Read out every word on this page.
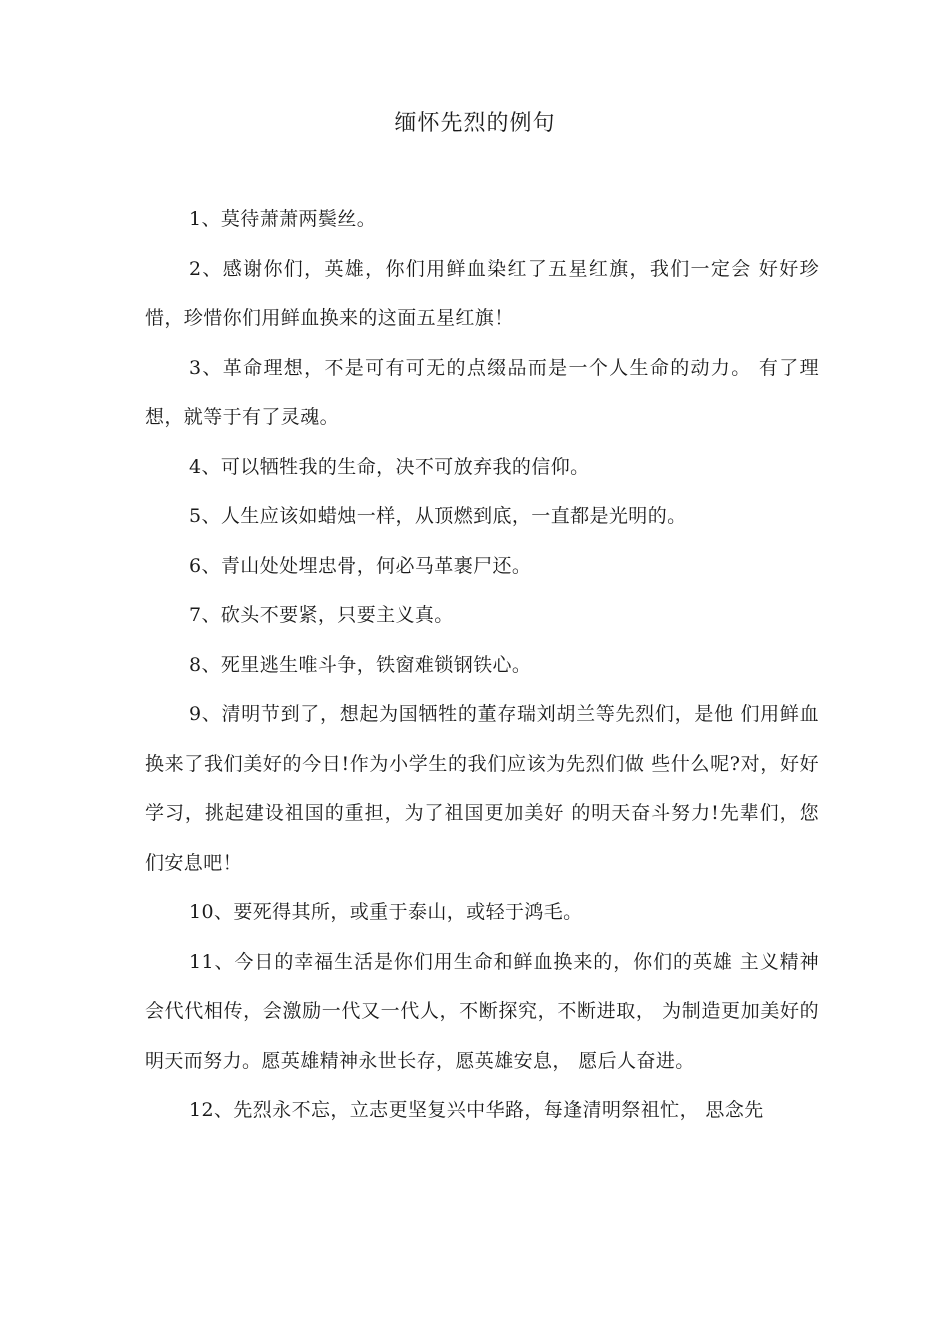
缅怀先烈的例句

1、莫待萧萧两鬓丝。

2、感谢你们，英雄，你们用鲜血染红了五星红旗，我们一定会 好好珍惜，珍惜你们用鲜血换来的这面五星红旗！

3、革命理想，不是可有可无的点缀品而是一个人生命的动力。 有了理想，就等于有了灵魂。

4、可以牺牲我的生命，决不可放弃我的信仰。

5、人生应该如蜡烛一样，从顶燃到底，一直都是光明的。

6、青山处处埋忠骨，何必马革裹尸还。

7、砍头不要紧，只要主义真。

8、死里逃生唯斗争，铁窗难锁钢铁心。

9、清明节到了，想起为国牺牲的董存瑞刘胡兰等先烈们，是他 们用鲜血换来了我们美好的今日!作为小学生的我们应该为先烈们做 些什么呢?对，好好学习，挑起建设祖国的重担，为了祖国更加美好 的明天奋斗努力!先辈们，您们安息吧！

10、要死得其所，或重于泰山，或轻于鸿毛。

11、今日的幸福生活是你们用生命和鲜血换来的，你们的英雄 主义精神会代代相传，会激励一代又一代人，不断探究，不断进取， 为制造更加美好的明天而努力。愿英雄精神永世长存，愿英雄安息， 愿后人奋进。

12、先烈永不忘，立志更坚复兴中华路，每逢清明祭祖忙， 思念先
